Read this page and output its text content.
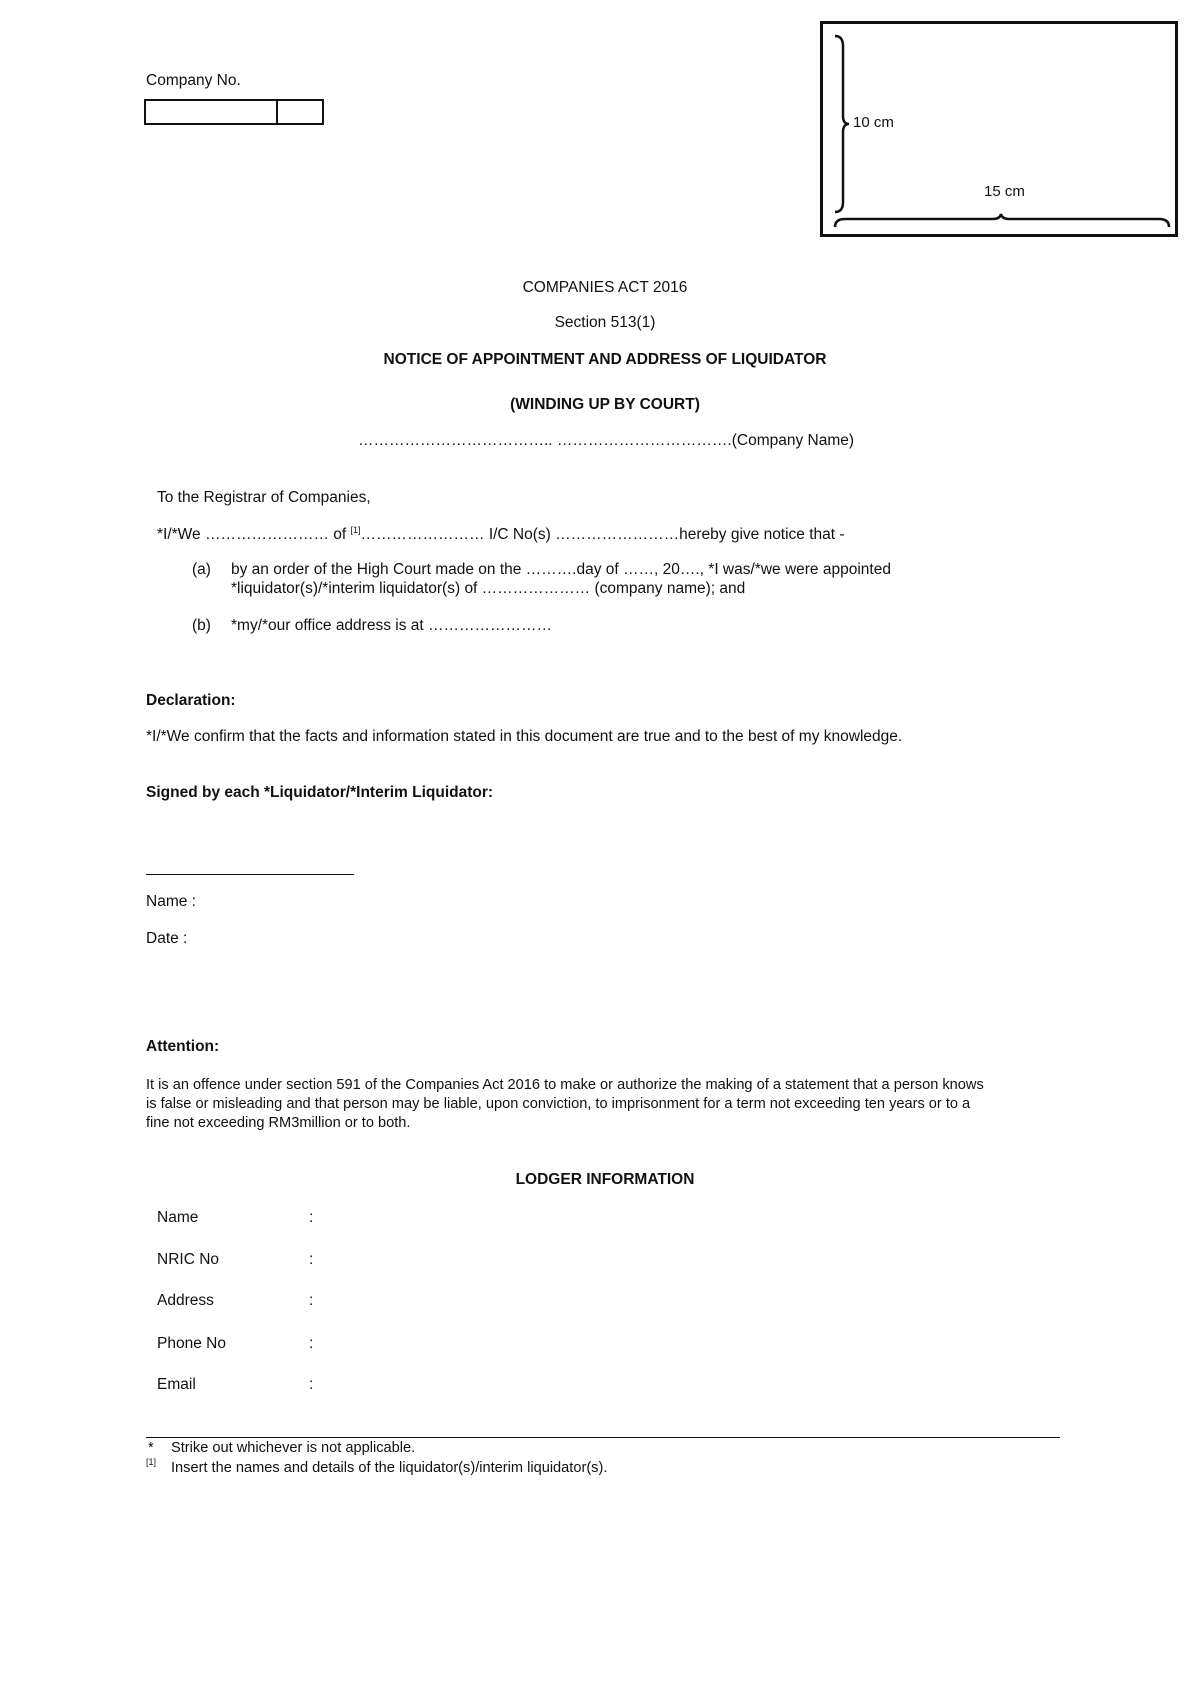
Company No.
10 cm
15 cm
COMPANIES ACT 2016
Section 513(1)
NOTICE OF APPOINTMENT AND ADDRESS OF LIQUIDATOR
(WINDING UP BY COURT)
……………………………….. …………………………….(Company Name)
To the Registrar of Companies,
*I/*We …………………… of [1]…………………… I/C No(s) ……………………hereby give notice that -
(a) by an order of the High Court made on the ……….day of ……, 20…., *I was/*we were appointed
*liquidator(s)/*interim liquidator(s) of ………………… (company name); and
(b) *my/*our office address is at ……………………
Declaration:
*I/*We confirm that the facts and information stated in this document are true and to the best of my knowledge.
Signed by each *Liquidator/*Interim Liquidator:
Name :
Date :
Attention:
It is an offence under section 591 of the Companies Act 2016 to make or authorize the making of a statement that a person knows
is false or misleading and that person may be liable, upon conviction, to imprisonment for a term not exceeding ten years or to a
fine not exceeding RM3million or to both.
LODGER INFORMATION
Name	:
NRIC No	:
Address	:
Phone No	:
Email	:
* Strike out whichever is not applicable.
[1] Insert the names and details of the liquidator(s)/interim liquidator(s).
